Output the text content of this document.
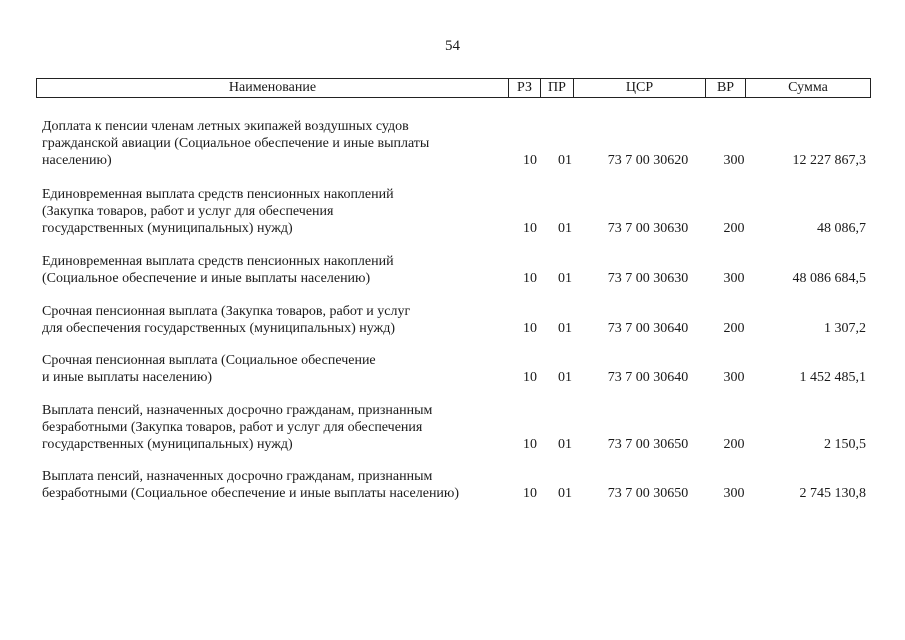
54
Наименование	РЗ	ПР	ЦСР	ВР	Сумма
Доплата к пенсии членам летных экипажей воздушных судов
гражданской авиации (Социальное обеспечение и иные выплаты
населению)	10	01	73 7 00 30620	300	12 227 867,3
Единовременная выплата средств пенсионных накоплений
(Закупка товаров, работ и услуг для обеспечения
государственных (муниципальных) нужд)	10	01	73 7 00 30630	200	48 086,7
Единовременная выплата средств пенсионных накоплений
(Социальное обеспечение и иные выплаты населению)	10	01	73 7 00 30630	300	48 086 684,5
Срочная пенсионная выплата (Закупка товаров, работ и услуг
для обеспечения государственных (муниципальных) нужд)	10	01	73 7 00 30640	200	1 307,2
Срочная пенсионная выплата (Социальное обеспечение
и иные выплаты населению)	10	01	73 7 00 30640	300	1 452 485,1
Выплата пенсий, назначенных досрочно гражданам, признанным
безработными (Закупка товаров, работ и услуг для обеспечения
государственных (муниципальных) нужд)	10	01	73 7 00 30650	200	2 150,5
Выплата пенсий, назначенных досрочно гражданам, признанным
безработными (Социальное обеспечение и иные выплаты населению)	10	01	73 7 00 30650	300	2 745 130,8
